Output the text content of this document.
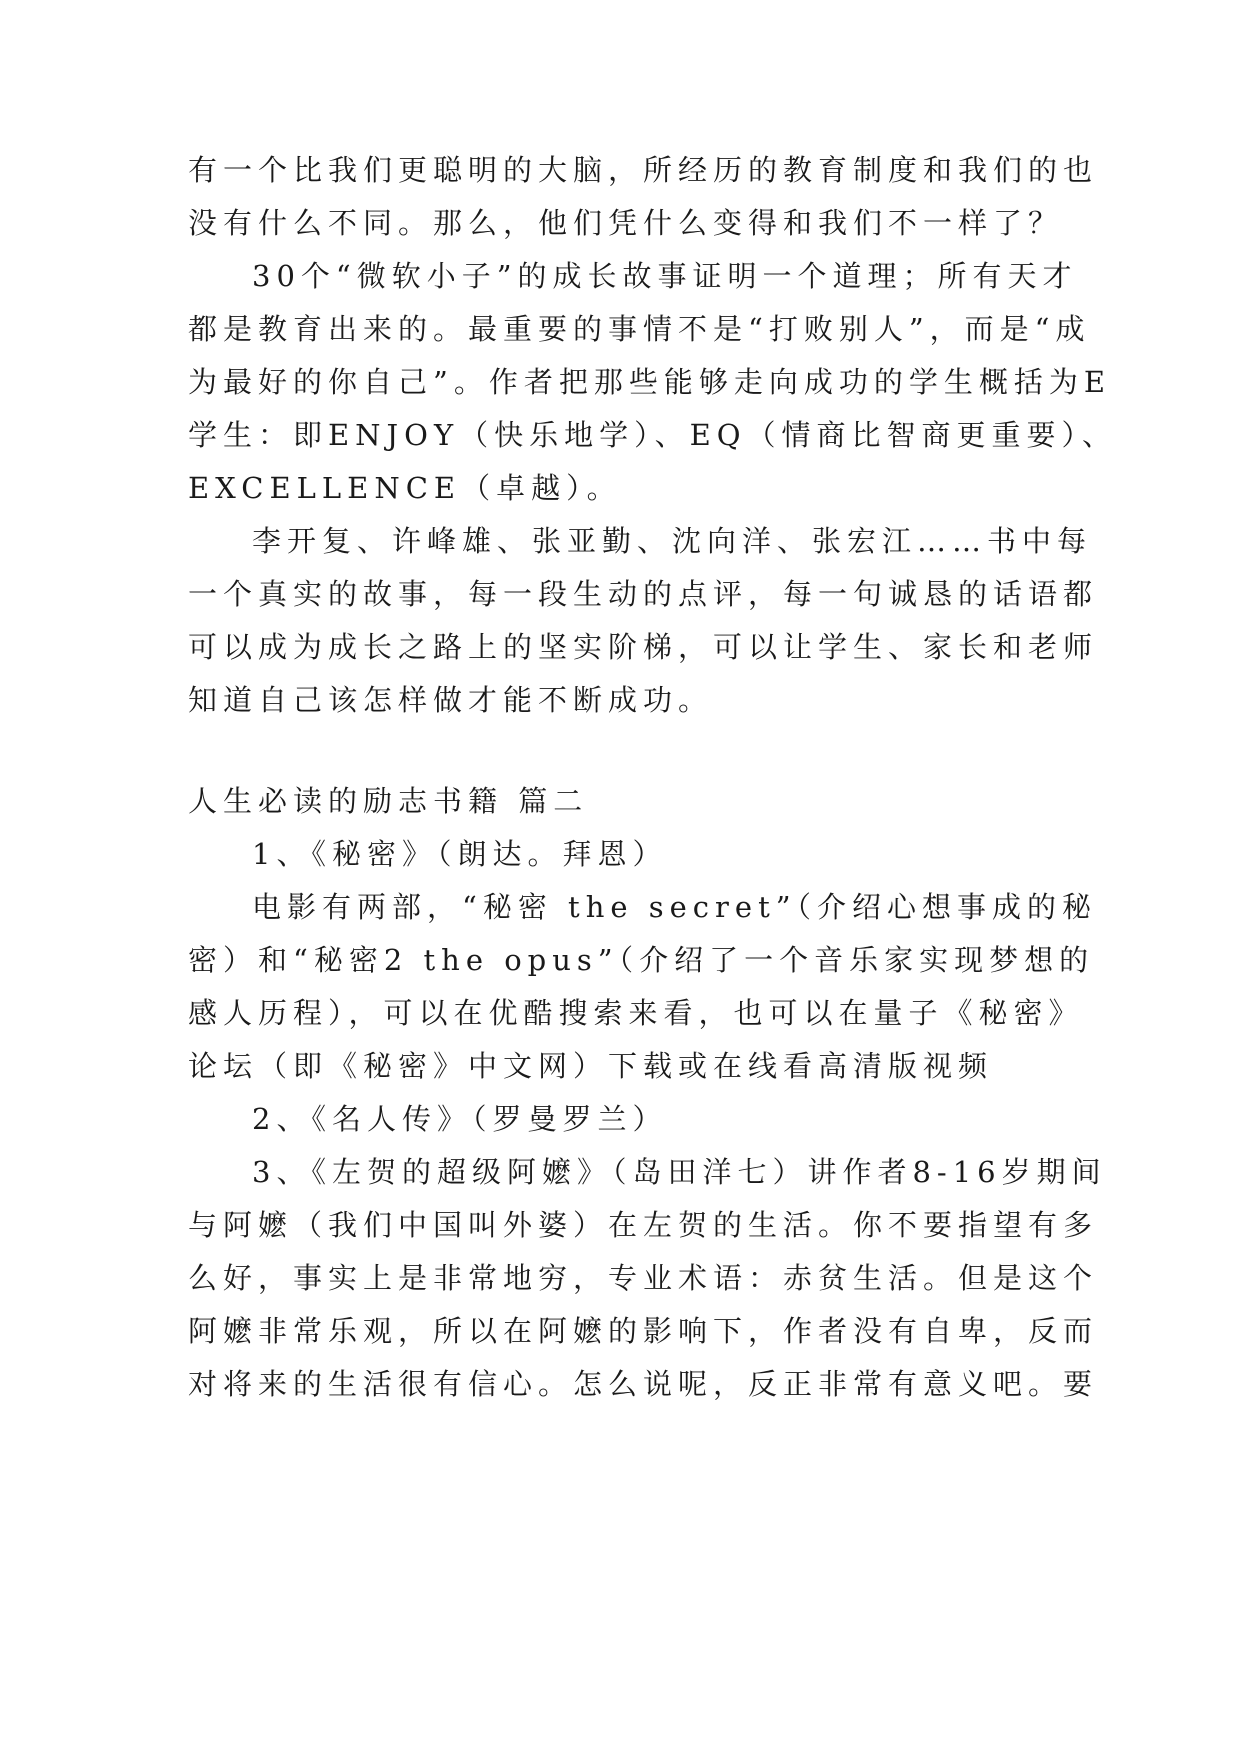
有一个比我们更聪明的大脑，所经历的教育制度和我们的也
没有什么不同。那么，他们凭什么变得和我们不一样了？
30个“微软小子”的成长故事证明一个道理；所有天才
都是教育出来的。最重要的事情不是“打败别人”，而是“成
为最好的你自己”。作者把那些能够走向成功的学生概括为E
学生：即ENJOY（快乐地学）、EQ（情商比智商更重要）、
EXCELLENCE（卓越）。
李开复、许峰雄、张亚勤、沈向洋、张宏江……书中每
一个真实的故事，每一段生动的点评，每一句诚恳的话语都
可以成为成长之路上的坚实阶梯，可以让学生、家长和老师
知道自己该怎样做才能不断成功。
人生必读的励志书籍 篇二
1、《秘密》（朗达。拜恩）
电影有两部，“秘密 the secret”（介绍心想事成的秘
密）和“秘密2 the opus”（介绍了一个音乐家实现梦想的
感人历程），可以在优酷搜索来看，也可以在量子《秘密》
论坛（即《秘密》中文网）下载或在线看高清版视频
2、《名人传》（罗曼罗兰）
3、《左贺的超级阿嬷》（岛田洋七）讲作者8-16岁期间
与阿嬷（我们中国叫外婆）在左贺的生活。你不要指望有多
么好，事实上是非常地穷，专业术语：赤贫生活。但是这个
阿嬷非常乐观，所以在阿嬷的影响下，作者没有自卑，反而
对将来的生活很有信心。怎么说呢，反正非常有意义吧。要
